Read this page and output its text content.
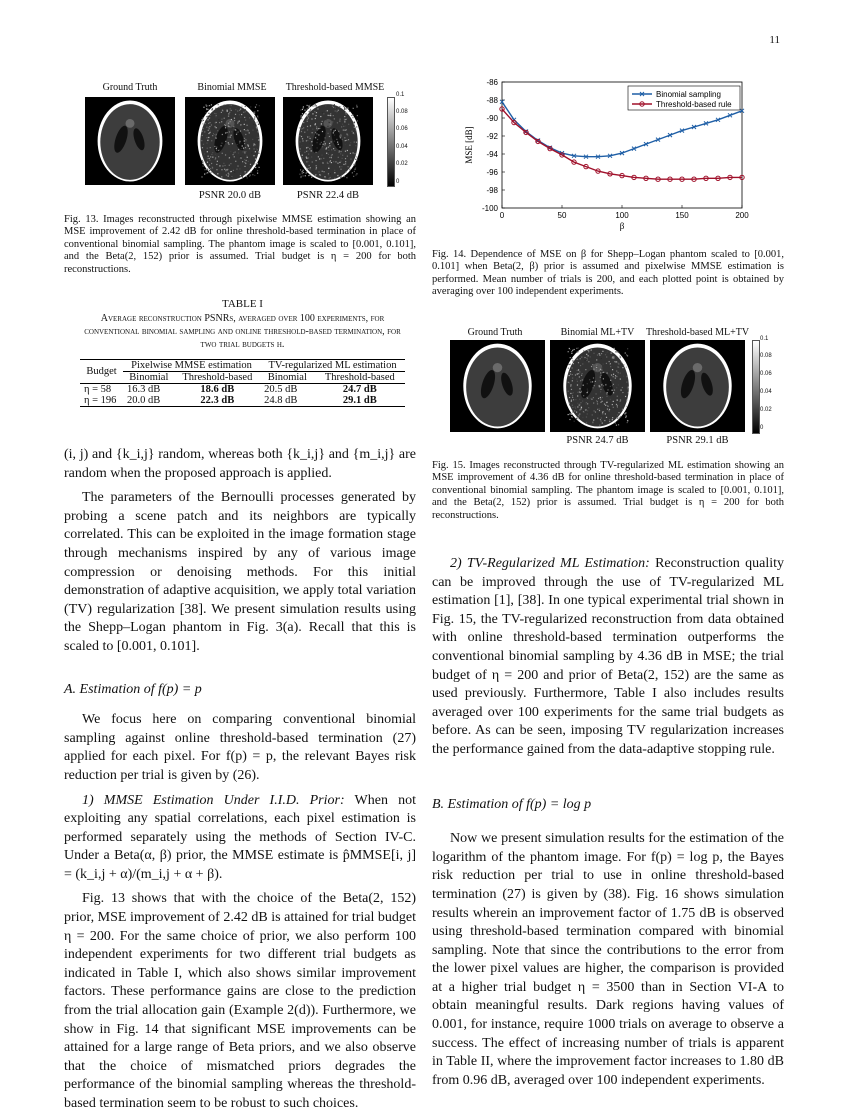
11
Ground Truth	Binomial MMSE	Threshold-based MMSE
0.1
0.08
0.06
0.04
0.02
0
PSNR 20.0 dB	PSNR 22.4 dB
Fig. 13. Images reconstructed through pixelwise MMSE estimation showing an MSE improvement of 2.42 dB for online threshold-based termination in place of conventional binomial sampling. The phantom image is scaled to [0.001, 0.101], and the Beta(2, 152) prior is assumed. Trial budget is η = 200 for both reconstructions.
TABLE I
Average reconstruction PSNRs, averaged over 100 experiments, for conventional binomial sampling and online threshold-based termination, for two trial budgets η.
Budget	Pixelwise MMSE estimation		TV-regularized ML estimation	
	Binomial	Threshold-based	Binomial	Threshold-based
η = 58	16.3 dB	18.6 dB	20.5 dB	24.7 dB
η = 196	20.0 dB	22.3 dB	24.8 dB	29.1 dB

(i, j) and {k_i,j} random, whereas both {k_i,j} and {m_i,j} are random when the proposed approach is applied.

The parameters of the Bernoulli processes generated by probing a scene patch and its neighbors are typically correlated. This can be exploited in the image formation stage through mechanisms inspired by any of various image compression or denoising methods. For this initial demonstration of adaptive acquisition, we apply total variation (TV) regularization [38]. We present simulation results using the Shepp–Logan phantom in Fig. 3(a). Recall that this is scaled to [0.001, 0.101].

A. Estimation of f(p) = p

We focus here on comparing conventional binomial sampling against online threshold-based termination (27) applied for each pixel. For f(p) = p, the relevant Bayes risk reduction per trial is given by (26).

1) MMSE Estimation Under I.I.D. Prior: When not exploiting any spatial correlations, each pixel estimation is performed separately using the methods of Section IV-C. Under a Beta(α, β) prior, the MMSE estimate is p̂MMSE[i, j] = (k_i,j + α)/(m_i,j + α + β).

Fig. 13 shows that with the choice of the Beta(2, 152) prior, MSE improvement of 2.42 dB is attained for trial budget η = 200. For the same choice of prior, we also perform 100 independent experiments for two different trial budgets as indicated in Table I, which also shows similar improvement factors. These performance gains are close to the prediction from the trial allocation gain (Example 2(d)). Furthermore, we show in Fig. 14 that significant MSE improvements can be attained for a large range of Beta priors, and we also observe that the choice of mismatched priors degrades the performance of the binomial sampling whereas the threshold-based termination seem to be robust to such choices.

-86
-88
-90
-92
-94
-96
-98
-100
0	50	100	150	200
β
MSE [dB]
Binomial sampling
Threshold-based rule
Fig. 14. Dependence of MSE on β for Shepp–Logan phantom scaled to [0.001, 0.101] when Beta(2, β) prior is assumed and pixelwise MMSE estimation is performed. Mean number of trials is 200, and each plotted point is obtained by averaging over 100 independent experiments.
Ground Truth	Binomial ML+TV	Threshold-based ML+TV
0.1
0.08
0.06
0.04
0.02
0
PSNR 24.7 dB	PSNR 29.1 dB
Fig. 15. Images reconstructed through TV-regularized ML estimation showing an MSE improvement of 4.36 dB for online threshold-based termination in place of conventional binomial sampling. The phantom image is scaled to [0.001, 0.101], and the Beta(2, 152) prior is assumed. Trial budget is η = 200 for both reconstructions.

2) TV-Regularized ML Estimation: Reconstruction quality can be improved through the use of TV-regularized ML estimation [1], [38]. In one typical experimental trial shown in Fig. 15, the TV-regularized reconstruction from data obtained with online threshold-based termination outperforms the conventional binomial sampling by 4.36 dB in MSE; the trial budget of η = 200 and prior of Beta(2, 152) are the same as used previously. Furthermore, Table I also includes results averaged over 100 experiments for the same trial budgets as before. As can be seen, imposing TV regularization increases the performance gained from the data-adaptive stopping rule.

B. Estimation of f(p) = log p

Now we present simulation results for the estimation of the logarithm of the phantom image. For f(p) = log p, the Bayes risk reduction per trial to use in online threshold-based termination (27) is given by (38). Fig. 16 shows simulation results wherein an improvement factor of 1.75 dB is observed using threshold-based termination compared with binomial sampling. Note that since the contributions to the error from the lower pixel values are higher, the comparison is provided at a higher trial budget η = 3500 than in Section VI-A to obtain meaningful results. Dark regions having values of 0.001, for instance, require 1000 trials on average to observe a success. The effect of increasing number of trials is apparent in Table II, where the improvement factor increases to 1.80 dB from 0.96 dB, averaged over 100 independent experiments.
